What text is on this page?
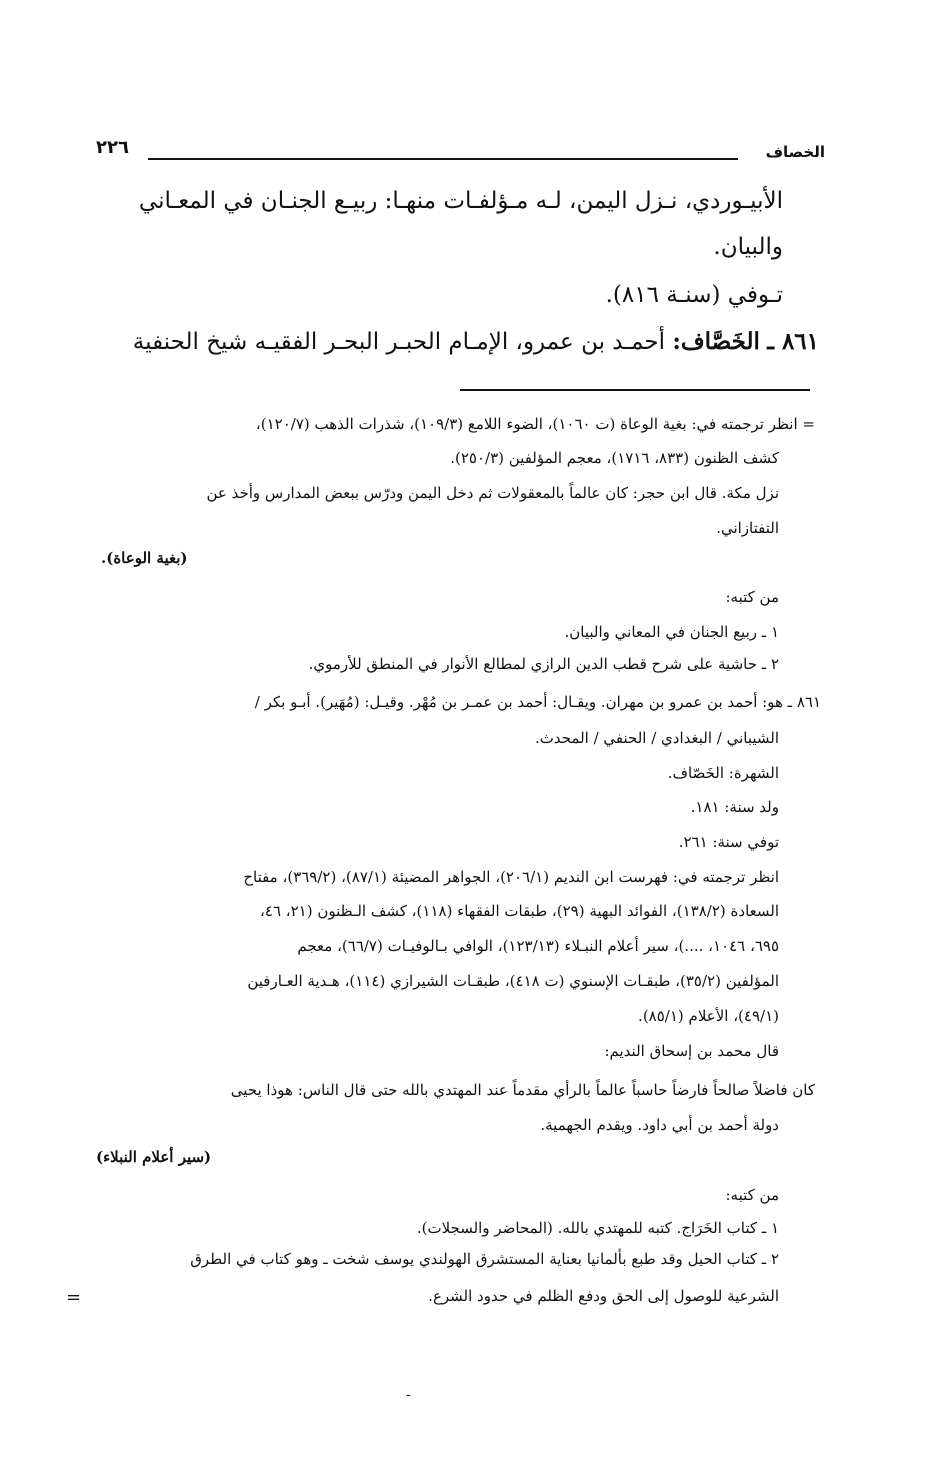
الخصاف
٢٢٦
الأبيـوردي، نـزل اليمن، لـه مـؤلفـات منهـا: ربيـع الجنـان في المعـاني
والبيان.
تـوفي (سنـة ٨١٦).
٨٦١ ـ الخَصَّاف: أحمـد بن عمرو، الإمـام الحبـر البحـر الفقيـه شيخ الحنفية
= انظر ترجمته في: بغية الوعاة (ت ١٠٦٠)، الضوء اللامع (١٠٩/٣)، شذرات الذهب (١٢٠/٧)،
كشف الظنون (٨٣٣، ١٧١٦)، معجم المؤلفين (٢٥٠/٣).
نزل مكة. قال ابن حجر: كان عالماً بالمعقولات ثم دخل اليمن ودرّس ببعض المدارس وأخذ عن
التفتازاني.
(بغية الوعاة).
من كتبه:
١ ـ ربيع الجنان في المعاني والبيان.
٢ ـ حاشية على شرح قطب الدين الرازي لمطالع الأنوار في المنطق للأرموي.
٨٦١ ـ هو: أحمد بن عمرو بن مهران. ويقـال: أحمد بن عمـر بن مُهْر. وقيـل: (مُهَير). أبـو بكر /
الشيباني / البغدادي / الحنفي / المحدث.
الشهرة: الخَصّاف.
ولد سنة: ١٨١.
توفي سنة: ٢٦١.
انظر ترجمته في: فهرست ابن النديم (٢٠٦/١)، الجواهر المضيئة (٨٧/١)، (٣٦٩/٢)، مفتاح
السعادة (١٣٨/٢)، الفوائد البهية (٢٩)، طبقات الفقهاء (١١٨)، كشف الـظنون (٢١، ٤٦،
٦٩٥، ١٠٤٦، ....)، سير أعلام النبـلاء (١٢٣/١٣)، الوافي بـالوفيـات (٦٦/٧)، معجم
المؤلفين (٣٥/٢)، طبقـات الإسنوي (ت ٤١٨)، طبقـات الشيرازي (١١٤)، هـدية العـارفين
(٤٩/١)، الأعلام (٨٥/١).
قال محمد بن إسحاق النديم:
كان فاضلاً صالحاً فارضاً حاسباً عالماً بالرأي مقدماً عند المهتدي بالله حتى قال الناس: هوذا يحيى
دولة أحمد بن أبي داود. ويقدم الجهمية.
(سير أعلام النبلاء)
من كتبه:
١ ـ كتاب الخَرَاج. كتبه للمهتدي بالله. (المحاضر والسجلات).
٢ ـ كتاب الحيل وقد طبع بألمانيا بعناية المستشرق الهولندي يوسف شخت ـ وهو كتاب في الطرق
الشرعية للوصول إلى الحق ودفع الظلم في حدود الشرع.
=
-
